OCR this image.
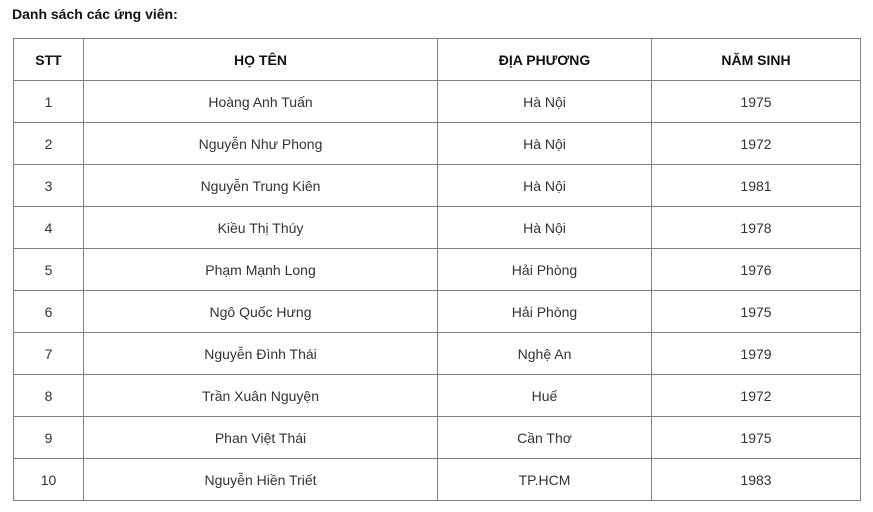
Danh sách các ứng viên:
STT	HỌ TÊN	ĐỊA PHƯƠNG	NĂM SINH
1	Hoàng Anh Tuấn	Hà Nội	1975
2	Nguyễn Như Phong	Hà Nội	1972
3	Nguyễn Trung Kiên	Hà Nội	1981
4	Kiều Thị Thúy	Hà Nội	1978
5	Phạm Mạnh Long	Hải Phòng	1976
6	Ngô Quốc Hưng	Hải Phòng	1975
7	Nguyễn Đình Thái	Nghệ An	1979
8	Trần Xuân Nguyện	Huế	1972
9	Phan Việt Thái	Cần Thơ	1975
10	Nguyễn Hiền Triết	TP.HCM	1983
